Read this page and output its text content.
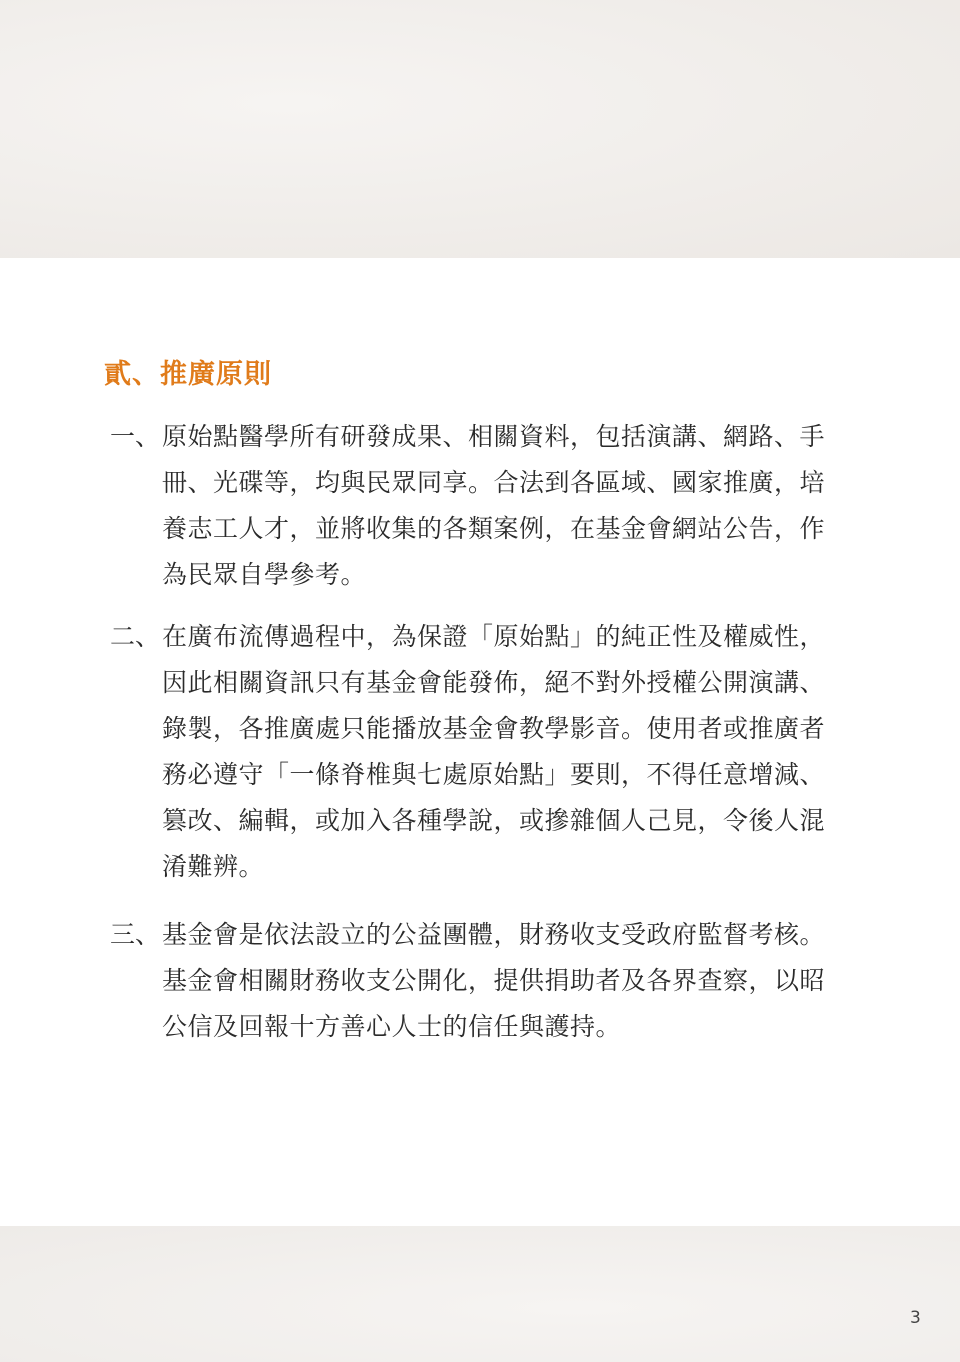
貳、推廣原則
一、 原始點醫學所有研發成果、相關資料，包括演講、網路、手
冊、光碟等，均與民眾同享。合法到各區域、國家推廣，培
養志工人才，並將收集的各類案例，在基金會網站公告，作
為民眾自學參考。
二、 在廣布流傳過程中，為保證「原始點」的純正性及權威性，
因此相關資訊只有基金會能發佈，絕不對外授權公開演講、
錄製，各推廣處只能播放基金會教學影音。使用者或推廣者
務必遵守「一條脊椎與七處原始點」要則，不得任意增減、
篡改、編輯，或加入各種學說，或摻雜個人己見，令後人混
淆難辨。
三、 基金會是依法設立的公益團體，財務收支受政府監督考核。
基金會相關財務收支公開化，提供捐助者及各界查察，以昭
公信及回報十方善心人士的信任與護持。
3
